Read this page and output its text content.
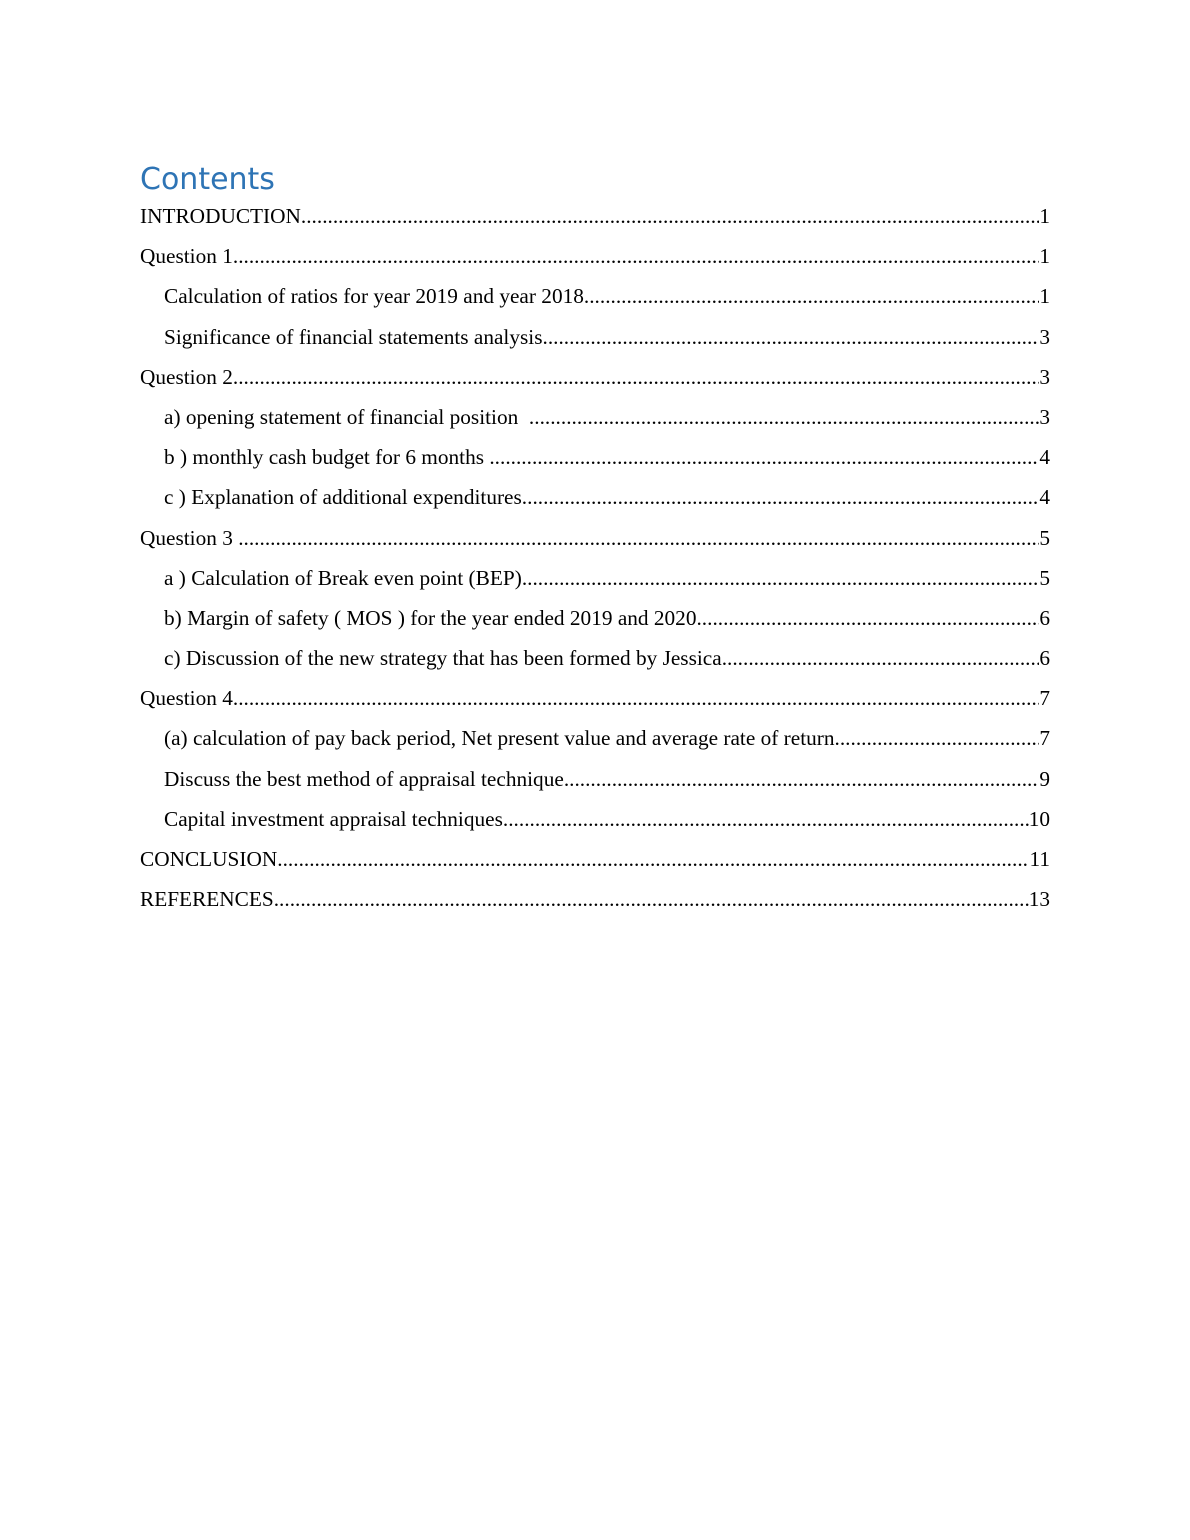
Contents
INTRODUCTION .....	1
Question 1 .....	1
Calculation of ratios for year 2019 and year 2018 .....	1
Significance of financial statements analysis .....	3
Question 2 .....	3
a) opening statement of financial position .....	3
b ) monthly cash budget for 6 months .....	4
c ) Explanation of additional expenditures .....	4
Question 3 .....	5
a ) Calculation of Break even point (BEP) .....	5
b) Margin of safety ( MOS ) for the year ended 2019 and 2020 .....	6
c) Discussion of the new strategy that has been formed by Jessica .....	6
Question 4 .....	7
(a) calculation of pay back period, Net present value and average rate of return .....	7
Discuss the best method of appraisal technique .....	9
Capital investment appraisal techniques .....	10
CONCLUSION .....	11
REFERENCES .....	13
